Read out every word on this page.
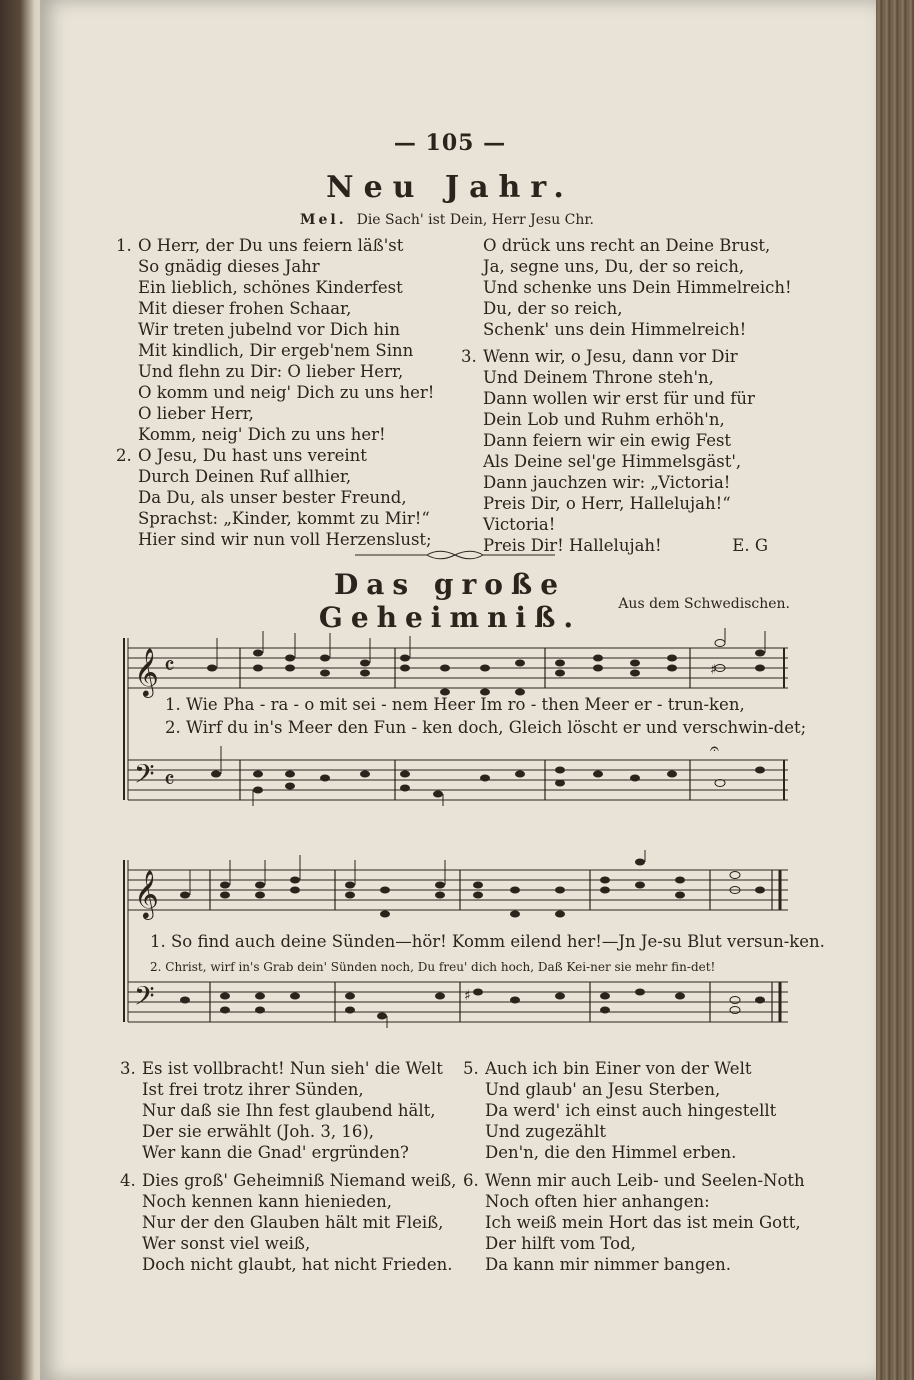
— 105 —
Neu Jahr.
Mel. Die Sach' ist Dein, Herr Jesu Chr.
1. O Herr, der Du uns feiern läß'st
So gnädig dieses Jahr
Ein lieblich, schönes Kinderfest
Mit dieser frohen Schaar,
Wir treten jubelnd vor Dich hin
Mit kindlich, Dir ergeb'nem Sinn
Und flehn zu Dir: O lieber Herr,
O komm und neig' Dich zu uns her!
O lieber Herr,
Komm, neig' Dich zu uns her!
2. O Jesu, Du hast uns vereint
Durch Deinen Ruf allhier,
Da Du, als unser bester Freund,
Sprachst: „Kinder, kommt zu Mir!“
Hier sind wir nun voll Herzenslust;
O drück uns recht an Deine Brust,
Ja, segne uns, Du, der so reich,
Und schenke uns Dein Himmelreich!
Du, der so reich,
Schenk' uns dein Himmelreich!
3. Wenn wir, o Jesu, dann vor Dir
Und Deinem Throne steh'n,
Dann wollen wir erst für und für
Dein Lob und Ruhm erhöh'n,
Dann feiern wir ein ewig Fest
Als Deine sel'ge Himmelsgäst',
Dann jauchzen wir: „Victoria!
Preis Dir, o Herr, Hallelujah!“
Victoria!
Preis Dir! Hallelujah!	E. G
Das große Geheimniß.	Aus dem Schwedischen.
𝄞 𝄴
𝄢 𝄴
♯
𝄐
1. Wie Pha - ra - o mit sei - nem Heer Im ro - then Meer er - trun-ken,
2. Wirf du in's Meer den Fun - ken doch, Gleich löscht er und verschwin-det;
𝄞
𝄢	♯
1. So find auch deine Sünden—hör! Komm eilend her!—Jn Je-su Blut versun-ken.
2. Christ, wirf in's Grab dein' Sünden noch, Du freu' dich hoch, Daß Kei-ner sie mehr fin-det!
3. Es ist vollbracht! Nun sieh' die Welt
Ist frei trotz ihrer Sünden,
Nur daß sie Ihn fest glaubend hält,
Der sie erwählt (Joh. 3, 16),
Wer kann die Gnad' ergründen?
4. Dies groß' Geheimniß Niemand weiß,
Noch kennen kann hienieden,
Nur der den Glauben hält mit Fleiß,
Wer sonst viel weiß,
Doch nicht glaubt, hat nicht Frieden.
5. Auch ich bin Einer von der Welt
Und glaub' an Jesu Sterben,
Da werd' ich einst auch hingestellt
Und zugezählt
Den'n, die den Himmel erben.
6. Wenn mir auch Leib- und Seelen-Noth
Noch often hier anhangen:
Ich weiß mein Hort das ist mein Gott,
Der hilft vom Tod,
Da kann mir nimmer bangen.
